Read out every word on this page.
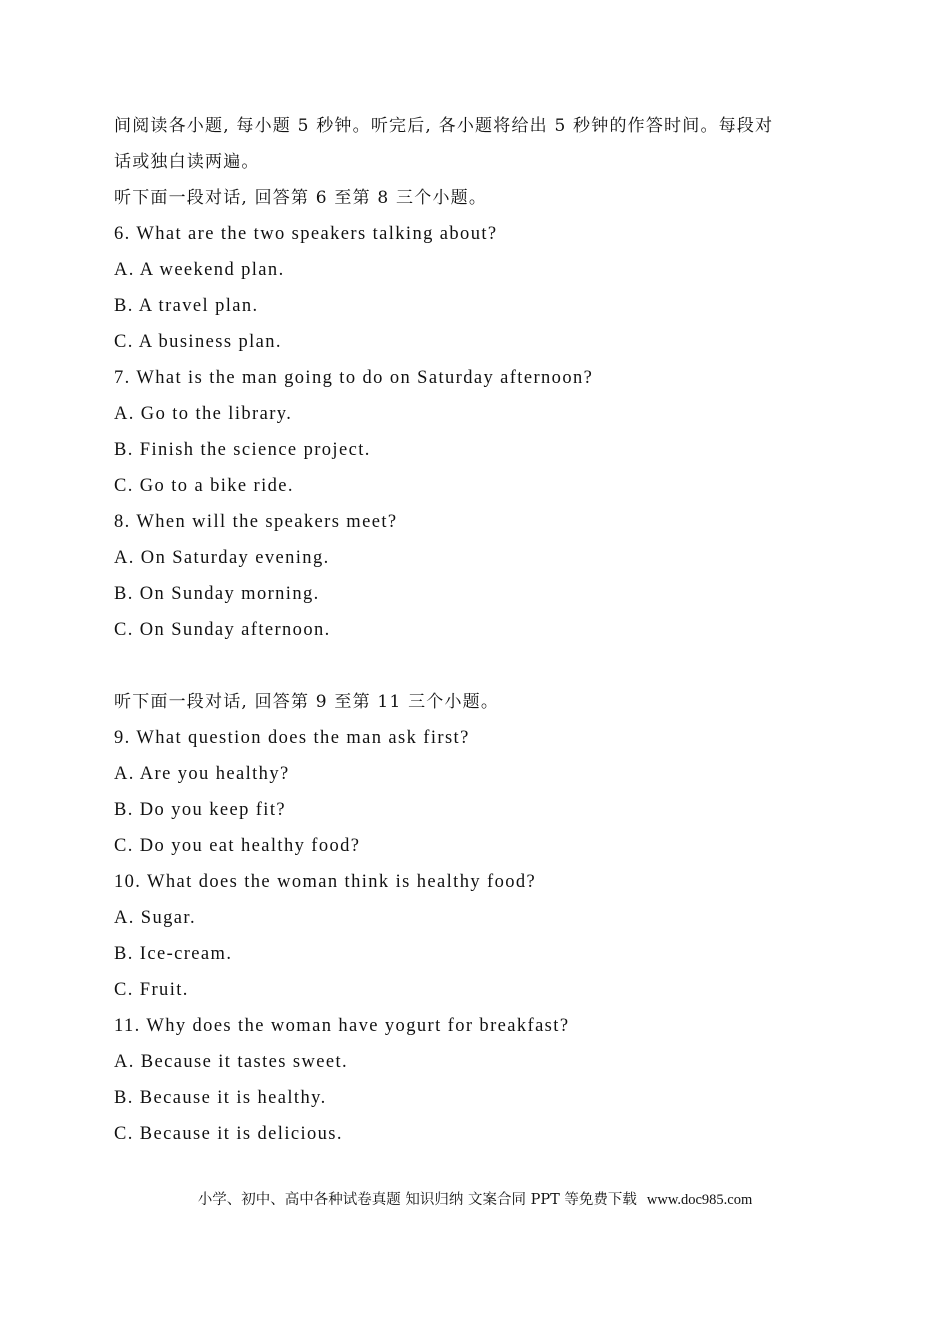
间阅读各小题, 每小题 5 秒钟。听完后, 各小题将给出 5 秒钟的作答时间。每段对
话或独白读两遍。
听下面一段对话, 回答第 6 至第 8 三个小题。
6. What are the two speakers talking about?
A. A weekend plan.
B. A travel plan.
C. A business plan.
7. What is the man going to do on Saturday afternoon?
A. Go to the library.
B. Finish the science project.
C. Go to a bike ride.
8. When will the speakers meet?
A. On Saturday evening.
B. On Sunday morning.
C. On Sunday afternoon.
听下面一段对话, 回答第 9 至第 11 三个小题。
9. What question does the man ask first?
A. Are you healthy?
B. Do you keep fit?
C. Do you eat healthy food?
10. What does the woman think is healthy food?
A. Sugar.
B. Ice-cream.
C. Fruit.
11. Why does the woman have yogurt for breakfast?
A. Because it tastes sweet.
B. Because it is healthy.
C. Because it is delicious.
小学、初中、高中各种试卷真题 知识归纳 文案合同 PPT 等免费下载 www.doc985.com
